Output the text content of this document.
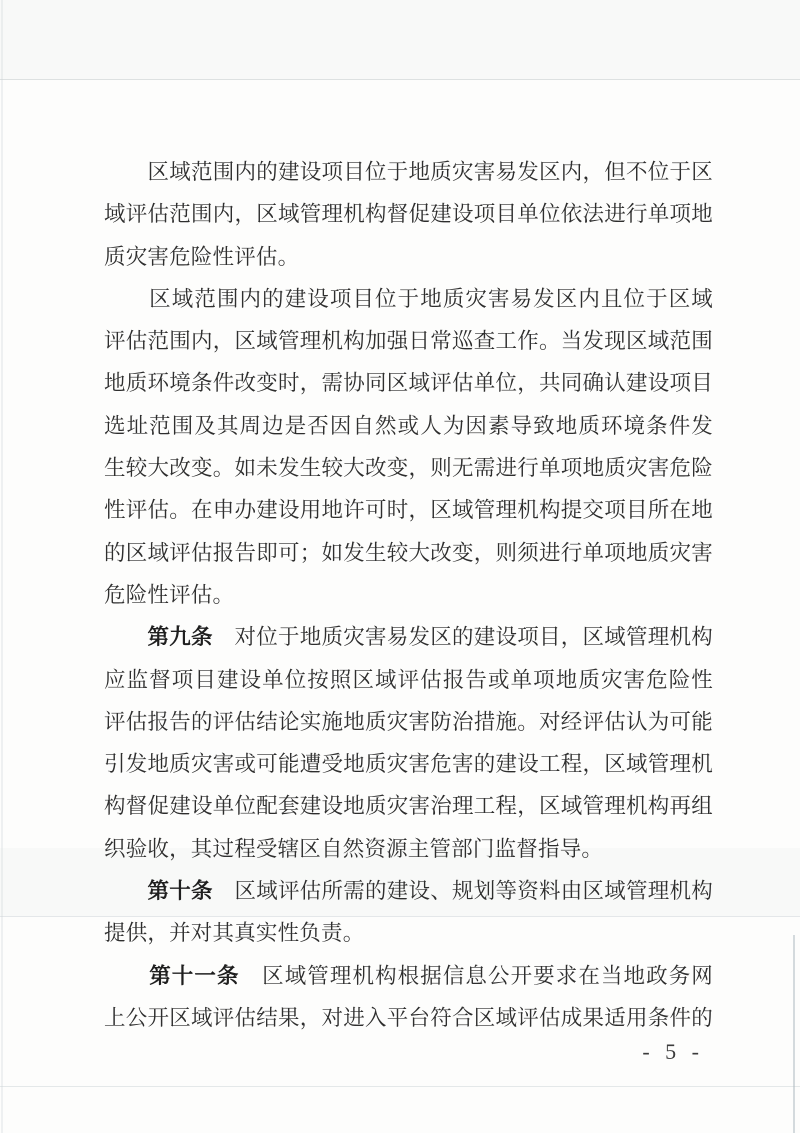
　　区域范围内的建设项目位于地质灾害易发区内，但不位于区
域评估范围内，区域管理机构督促建设项目单位依法进行单项地
质灾害危险性评估。
　　区域范围内的建设项目位于地质灾害易发区内且位于区域
评估范围内，区域管理机构加强日常巡查工作。当发现区域范围
地质环境条件改变时，需协同区域评估单位，共同确认建设项目
选址范围及其周边是否因自然或人为因素导致地质环境条件发
生较大改变。如未发生较大改变，则无需进行单项地质灾害危险
性评估。在申办建设用地许可时，区域管理机构提交项目所在地
的区域评估报告即可；如发生较大改变，则须进行单项地质灾害
危险性评估。
　　第九条　对位于地质灾害易发区的建设项目，区域管理机构
应监督项目建设单位按照区域评估报告或单项地质灾害危险性
评估报告的评估结论实施地质灾害防治措施。对经评估认为可能
引发地质灾害或可能遭受地质灾害危害的建设工程，区域管理机
构督促建设单位配套建设地质灾害治理工程，区域管理机构再组
织验收，其过程受辖区自然资源主管部门监督指导。
　　第十条　区域评估所需的建设、规划等资料由区域管理机构
提供，并对其真实性负责。
　　第十一条　区域管理机构根据信息公开要求在当地政务网
上公开区域评估结果，对进入平台符合区域评估成果适用条件的
- 5 -
